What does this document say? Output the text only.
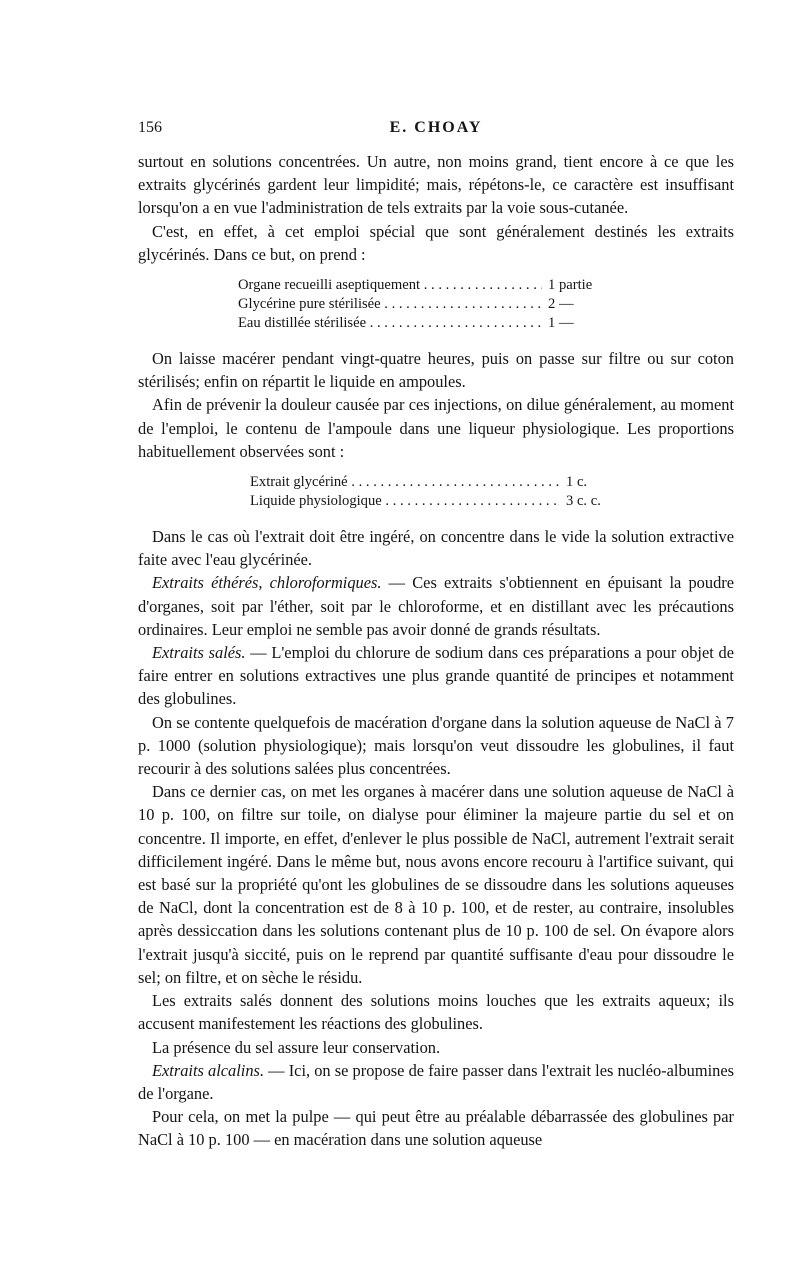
156	E. CHOAY

surtout en solutions concentrées. Un autre, non moins grand, tient encore à ce que les extraits glycérinés gardent leur limpidité; mais, répétons-le, ce caractère est insuffisant lorsqu'on a en vue l'administration de tels extraits par la voie sous-cutanée.

C'est, en effet, à cet emploi spécial que sont généralement destinés les extraits glycérinés. Dans ce but, on prend :

Organe recueilli aseptiquement . . .	1 partie
Glycérine pure stérilisée . . .	2 —
Eau distillée stérilisée . . .	1 —

On laisse macérer pendant vingt-quatre heures, puis on passe sur filtre ou sur coton stérilisés; enfin on répartit le liquide en ampoules.

Afin de prévenir la douleur causée par ces injections, on dilue généralement, au moment de l'emploi, le contenu de l'ampoule dans une liqueur physiologique. Les proportions habituellement observées sont :

Extrait glycériné . . .	1 c.
Liquide physiologique . . .	3 c. c.

Dans le cas où l'extrait doit être ingéré, on concentre dans le vide la solution extractive faite avec l'eau glycérinée.

Extraits éthérés, chloroformiques. — Ces extraits s'obtiennent en épuisant la poudre d'organes, soit par l'éther, soit par le chloroforme, et en distillant avec les précautions ordinaires. Leur emploi ne semble pas avoir donné de grands résultats.

Extraits salés. — L'emploi du chlorure de sodium dans ces préparations a pour objet de faire entrer en solutions extractives une plus grande quantité de principes et notamment des globulines.

On se contente quelquefois de macération d'organe dans la solution aqueuse de NaCl à 7 p. 1000 (solution physiologique); mais lorsqu'on veut dissoudre les globulines, il faut recourir à des solutions salées plus concentrées.

Dans ce dernier cas, on met les organes à macérer dans une solution aqueuse de NaCl à 10 p. 100, on filtre sur toile, on dialyse pour éliminer la majeure partie du sel et on concentre. Il importe, en effet, d'enlever le plus possible de NaCl, autrement l'extrait serait difficilement ingéré. Dans le même but, nous avons encore recouru à l'artifice suivant, qui est basé sur la propriété qu'ont les globulines de se dissoudre dans les solutions aqueuses de NaCl, dont la concentration est de 8 à 10 p. 100, et de rester, au contraire, insolubles après dessiccation dans les solutions contenant plus de 10 p. 100 de sel. On évapore alors l'extrait jusqu'à siccité, puis on le reprend par quantité suffisante d'eau pour dissoudre le sel; on filtre, et on sèche le résidu.

Les extraits salés donnent des solutions moins louches que les extraits aqueux; ils accusent manifestement les réactions des globulines.

La présence du sel assure leur conservation.

Extraits alcalins. — Ici, on se propose de faire passer dans l'extrait les nucléo-albumines de l'organe.

Pour cela, on met la pulpe — qui peut être au préalable débarrassée des globulines par NaCl à 10 p. 100 — en macération dans une solution aqueuse
